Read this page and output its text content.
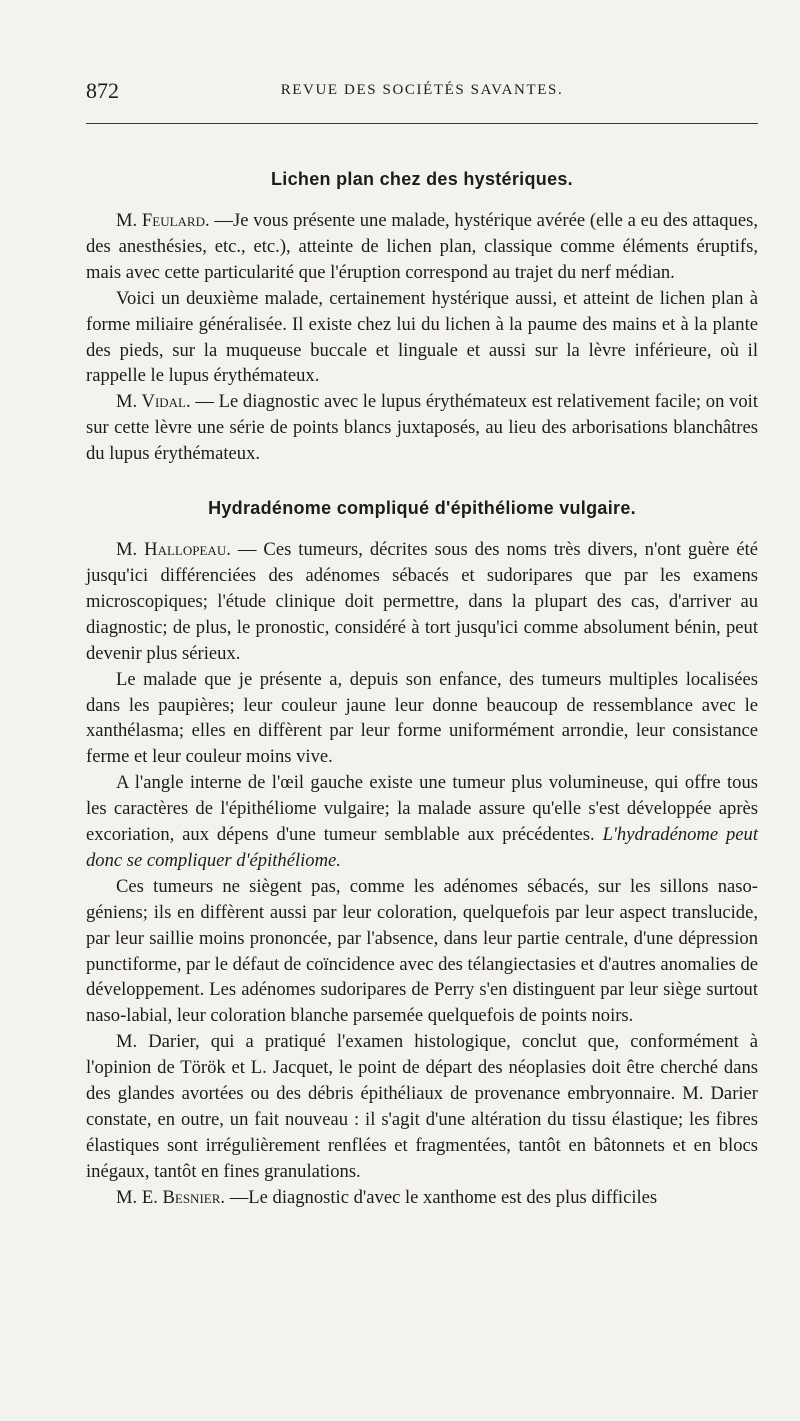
872	REVUE DES SOCIÉTÉS SAVANTES.
Lichen plan chez des hystériques.

M. Feulard. —Je vous présente une malade, hystérique avérée (elle a eu des attaques, des anesthésies, etc., etc.), atteinte de lichen plan, classique comme éléments éruptifs, mais avec cette particularité que l'éruption correspond au trajet du nerf médian.

Voici un deuxième malade, certainement hystérique aussi, et atteint de lichen plan à forme miliaire généralisée. Il existe chez lui du lichen à la paume des mains et à la plante des pieds, sur la muqueuse buccale et linguale et aussi sur la lèvre inférieure, où il rappelle le lupus érythémateux.

M. Vidal. — Le diagnostic avec le lupus érythémateux est relativement facile; on voit sur cette lèvre une série de points blancs juxtaposés, au lieu des arborisations blanchâtres du lupus érythémateux.

Hydradénome compliqué d'épithéliome vulgaire.

M. Hallopeau. — Ces tumeurs, décrites sous des noms très divers, n'ont guère été jusqu'ici différenciées des adénomes sébacés et sudoripares que par les examens microscopiques; l'étude clinique doit permettre, dans la plupart des cas, d'arriver au diagnostic; de plus, le pronostic, considéré à tort jusqu'ici comme absolument bénin, peut devenir plus sérieux.

Le malade que je présente a, depuis son enfance, des tumeurs multiples localisées dans les paupières; leur couleur jaune leur donne beaucoup de ressemblance avec le xanthélasma; elles en diffèrent par leur forme uniformément arrondie, leur consistance ferme et leur couleur moins vive.

A l'angle interne de l'œil gauche existe une tumeur plus volumineuse, qui offre tous les caractères de l'épithéliome vulgaire; la malade assure qu'elle s'est développée après excoriation, aux dépens d'une tumeur semblable aux précédentes. L'hydradénome peut donc se compliquer d'épithéliome.

Ces tumeurs ne siègent pas, comme les adénomes sébacés, sur les sillons naso-géniens; ils en diffèrent aussi par leur coloration, quelquefois par leur aspect translucide, par leur saillie moins prononcée, par l'absence, dans leur partie centrale, d'une dépression punctiforme, par le défaut de coïncidence avec des télangiectasies et d'autres anomalies de développement. Les adénomes sudoripares de Perry s'en distinguent par leur siège surtout naso-labial, leur coloration blanche parsemée quelquefois de points noirs.

M. Darier, qui a pratiqué l'examen histologique, conclut que, conformément à l'opinion de Török et L. Jacquet, le point de départ des néoplasies doit être cherché dans des glandes avortées ou des débris épithéliaux de provenance embryonnaire. M. Darier constate, en outre, un fait nouveau : il s'agit d'une altération du tissu élastique; les fibres élastiques sont irrégulièrement renflées et fragmentées, tantôt en bâtonnets et en blocs inégaux, tantôt en fines granulations.

M. E. Besnier. —Le diagnostic d'avec le xanthome est des plus difficiles
